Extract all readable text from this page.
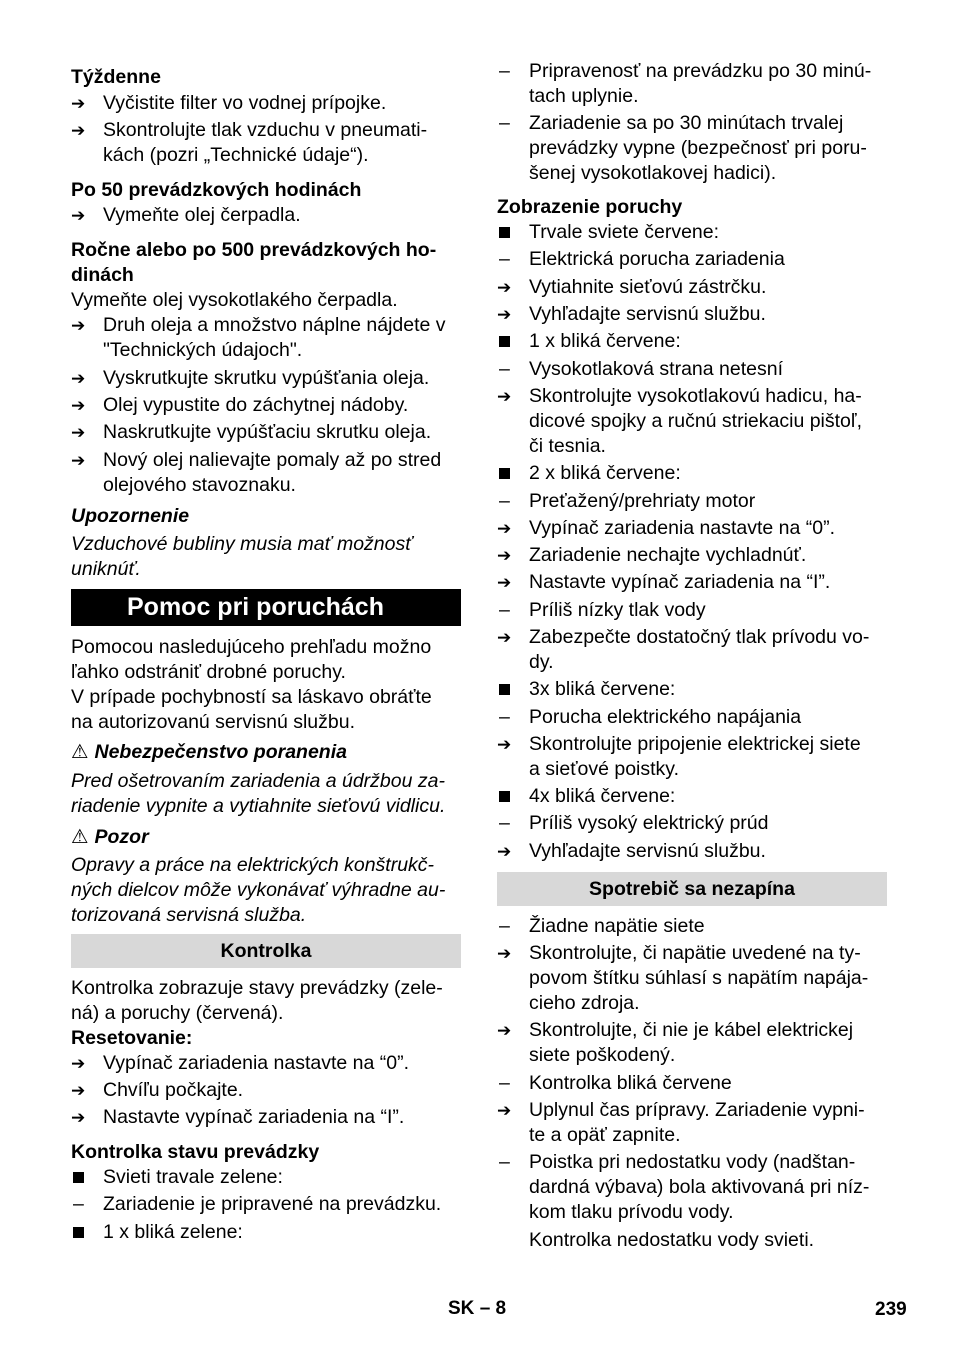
Týždenne
➔ Vyčistite filter vo vodnej prípojke.
➔ Skontrolujte tlak vzduchu v pneumati-
kách (pozri „Technické údaje“).
Po 50 prevádzkových hodinách
➔ Vymeňte olej čerpadla.
Ročne alebo po 500 prevádzkových ho-
dinách
Vymeňte olej vysokotlakého čerpadla.
➔ Druh oleja a množstvo náplne nájdete v
"Technických údajoch".
➔ Vyskrutkujte skrutku vypúšťania oleja.
➔ Olej vypustite do záchytnej nádoby.
➔ Naskrutkujte vypúšťaciu skrutku oleja.
➔ Nový olej nalievajte pomaly až po stred
olejového stavoznaku.
Upozornenie
Vzduchové bubliny musia mať možnosť
uniknúť.
Pomoc pri poruchách
Pomocou nasledujúceho prehľadu možno
ľahko odstrániť drobné poruchy.
V prípade pochybností sa láskavo obráťte
na autorizovanú servisnú službu.
⚠ Nebezpečenstvo poranenia
Pred ošetrovaním zariadenia a údržbou za-
riadenie vypnite a vytiahnite sieťovú vidlicu.
⚠ Pozor
Opravy a práce na elektrických konštrukč-
ných dielcov môže vykonávať výhradne au-
torizovaná servisná služba.
Kontrolka
Kontrolka zobrazuje stavy prevádzky (zele-
ná) a poruchy (červená).
Resetovanie:
➔ Vypínač zariadenia nastavte na “0”.
➔ Chvíľu počkajte.
➔ Nastavte vypínač zariadenia na “I”.
Kontrolka stavu prevádzky
Svieti travale zelene:
– Zariadenie je pripravené na prevádzku.
1 x bliká zelene:
– Pripravenosť na prevádzku po 30 minú-
tach uplynie.
– Zariadenie sa po 30 minútach trvalej
prevádzky vypne (bezpečnosť pri poru-
šenej vysokotlakovej hadici).
Zobrazenie poruchy
Trvale sviete červene:
– Elektrická porucha zariadenia
➔ Vytiahnite sieťovú zástrčku.
➔ Vyhľadajte servisnú službu.
1 x bliká červene:
– Vysokotlaková strana netesní
➔ Skontrolujte vysokotlakovú hadicu, ha-
dicové spojky a ručnú striekaciu pištoľ,
či tesnia.
2 x bliká červene:
– Preťažený/prehriaty motor
➔ Vypínač zariadenia nastavte na “0”.
➔ Zariadenie nechajte vychladnúť.
➔ Nastavte vypínač zariadenia na “I”.
– Príliš nízky tlak vody
➔ Zabezpečte dostatočný tlak prívodu vo-
dy.
3x bliká červene:
– Porucha elektrického napájania
➔ Skontrolujte pripojenie elektrickej siete
a sieťové poistky.
4x bliká červene:
– Príliš vysoký elektrický prúd
➔ Vyhľadajte servisnú službu.
Spotrebič sa nezapína
– Žiadne napätie siete
➔ Skontrolujte, či napätie uvedené na ty-
povom štítku súhlasí s napätím napája-
cieho zdroja.
➔ Skontrolujte, či nie je kábel elektrickej
siete poškodený.
– Kontrolka bliká červene
➔ Uplynul čas prípravy. Zariadenie vypni-
te a opäť zapnite.
– Poistka pri nedostatku vody (nadštan-
dardná výbava) bola aktivovaná pri níz-
kom tlaku prívodu vody.
Kontrolka nedostatku vody svieti.
SK – 8	239
